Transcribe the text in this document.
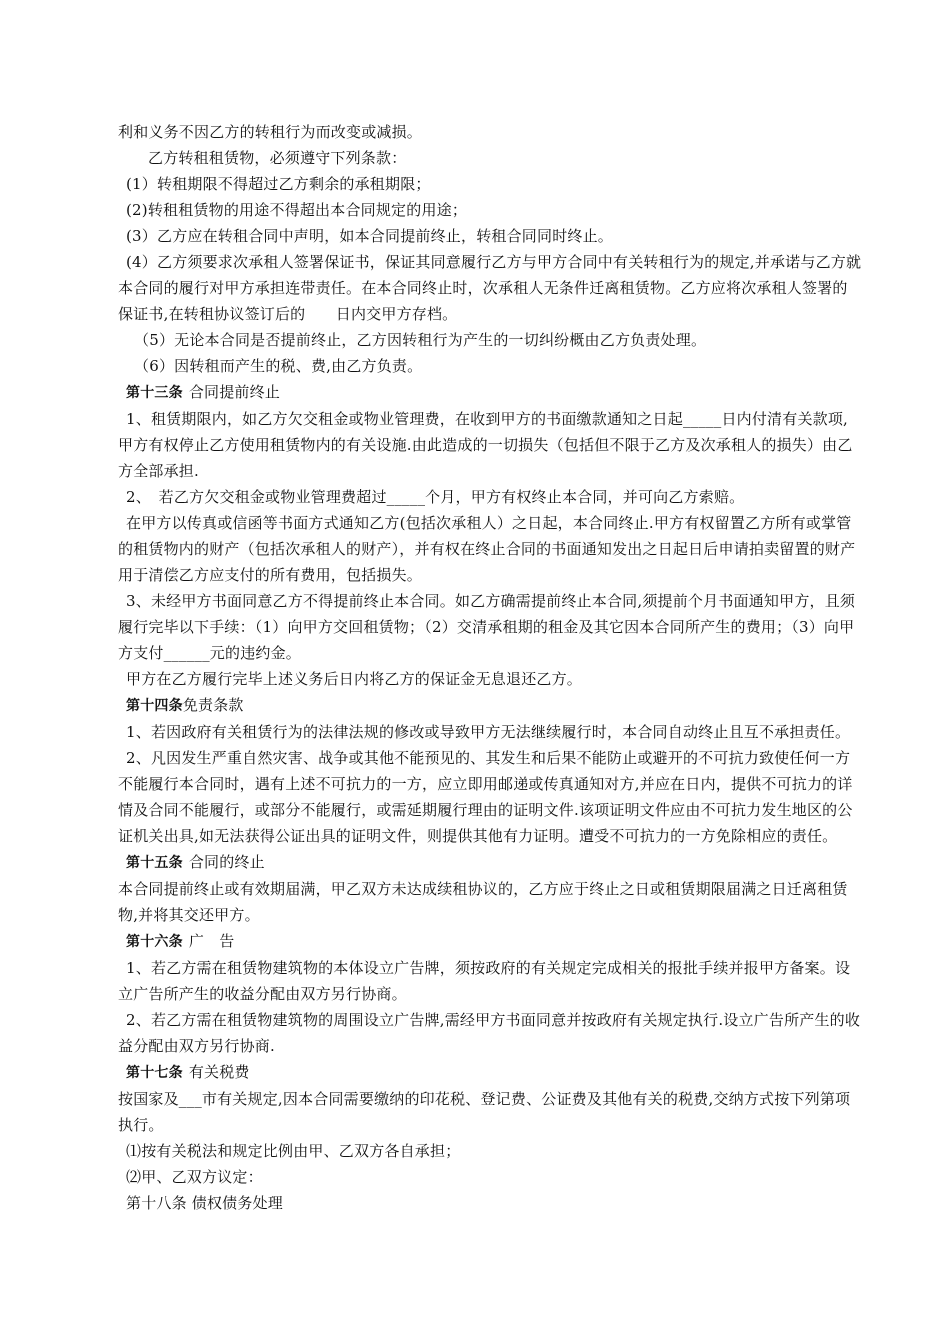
利和义务不因乙方的转租行为而改变或减损。

乙方转租租赁物，必须遵守下列条款：

(1）转租期限不得超过乙方剩余的承租期限；

(2)转租租赁物的用途不得超出本合同规定的用途；

(3）乙方应在转租合同中声明，如本合同提前终止，转租合同同时终止。

(4）乙方须要求次承租人签署保证书，保证其同意履行乙方与甲方合同中有关转租行为的规定,并承诺与乙方就本合同的履行对甲方承担连带责任。在本合同终止时，次承租人无条件迁离租赁物。乙方应将次承租人签署的保证书,在转租协议签订后的　　日内交甲方存档。

（5）无论本合同是否提前终止，乙方因转租行为产生的一切纠纷概由乙方负责处理。

（6）因转租而产生的税、费,由乙方负责。

第十三条 合同提前终止

1、租赁期限内，如乙方欠交租金或物业管理费，在收到甲方的书面缴款通知之日起_____日内付清有关款项,甲方有权停止乙方使用租赁物内的有关设施.由此造成的一切损失（包括但不限于乙方及次承租人的损失）由乙方全部承担.

2、　若乙方欠交租金或物业管理费超过_____个月，甲方有权终止本合同，并可向乙方索赔。

在甲方以传真或信函等书面方式通知乙方(包括次承租人）之日起，本合同终止.甲方有权留置乙方所有或掌管的租赁物内的财产（包括次承租人的财产），并有权在终止合同的书面通知发出之日起日后申请拍卖留置的财产用于清偿乙方应支付的所有费用，包括损失。

3、未经甲方书面同意乙方不得提前终止本合同。如乙方确需提前终止本合同,须提前个月书面通知甲方，且须履行完毕以下手续：（1）向甲方交回租赁物；（2）交清承租期的租金及其它因本合同所产生的费用；（3）向甲方支付______元的违约金。

甲方在乙方履行完毕上述义务后日内将乙方的保证金无息退还乙方。

第十四条免责条款

1、若因政府有关租赁行为的法律法规的修改或导致甲方无法继续履行时，本合同自动终止且互不承担责任。

2、凡因发生严重自然灾害、战争或其他不能预见的、其发生和后果不能防止或避开的不可抗力致使任何一方不能履行本合同时，遇有上述不可抗力的一方，应立即用邮递或传真通知对方,并应在日内，提供不可抗力的详情及合同不能履行，或部分不能履行，或需延期履行理由的证明文件.该项证明文件应由不可抗力发生地区的公证机关出具,如无法获得公证出具的证明文件，则提供其他有力证明。遭受不可抗力的一方免除相应的责任。

第十五条 合同的终止

本合同提前终止或有效期届满，甲乙双方未达成续租协议的，乙方应于终止之日或租赁期限届满之日迁离租赁物,并将其交还甲方。

第十六条 广　告

1、若乙方需在租赁物建筑物的本体设立广告牌，须按政府的有关规定完成相关的报批手续并报甲方备案。设立广告所产生的收益分配由双方另行协商。

2、若乙方需在租赁物建筑物的周围设立广告牌,需经甲方书面同意并按政府有关规定执行.设立广告所产生的收益分配由双方另行协商.

第十七条 有关税费

按国家及___市有关规定,因本合同需要缴纳的印花税、登记费、公证费及其他有关的税费,交纳方式按下列第项执行。

⑴按有关税法和规定比例由甲、乙双方各自承担；

⑵甲、乙双方议定：

第十八条 债权债务处理
